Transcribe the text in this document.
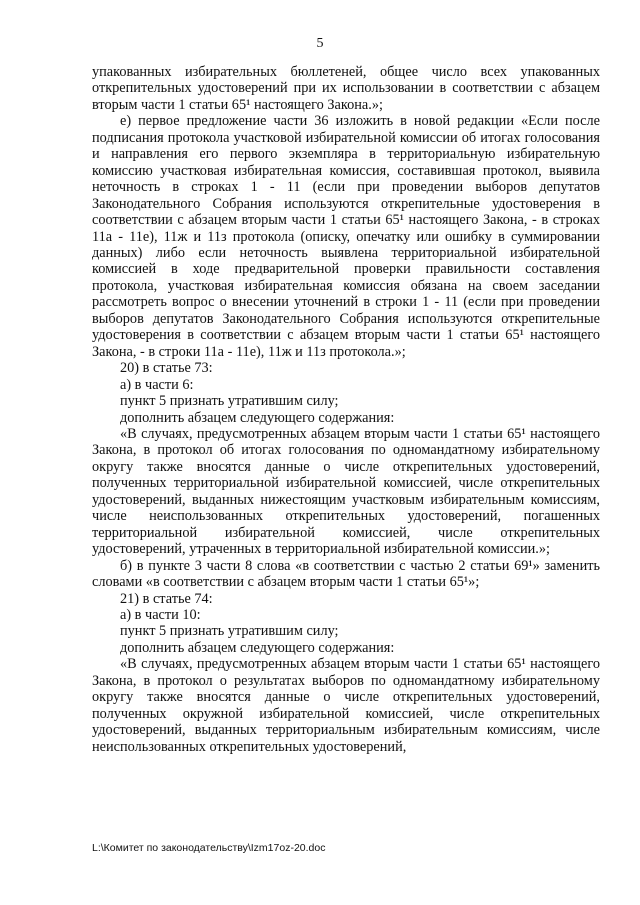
5

упакованных избирательных бюллетеней, общее число всех упакованных открепительных удостоверений при их использовании в соответствии с абзацем вторым части 1 статьи 65¹ настоящего Закона.»;

е) первое предложение части 36 изложить в новой редакции «Если после подписания протокола участковой избирательной комиссии об итогах голосования и направления его первого экземпляра в территориальную избирательную комиссию участковая избирательная комиссия, составившая протокол, выявила неточность в строках 1 - 11 (если при проведении выборов депутатов Законодательного Собрания используются открепительные удостоверения в соответствии с абзацем вторым части 1 статьи 65¹ настоящего Закона, - в строках 11а - 11е), 11ж и 11з протокола (описку, опечатку или ошибку в суммировании данных) либо если неточность выявлена территориальной избирательной комиссией в ходе предварительной проверки правильности составления протокола, участковая избирательная комиссия обязана на своем заседании рассмотреть вопрос о внесении уточнений в строки 1 - 11 (если при проведении выборов депутатов Законодательного Собрания используются открепительные удостоверения в соответствии с абзацем вторым части 1 статьи 65¹ настоящего Закона, - в строки 11а - 11е), 11ж и 11з протокола.»;

20) в статье 73:

а) в части 6:

пункт 5 признать утратившим силу;

дополнить абзацем следующего содержания:

«В случаях, предусмотренных абзацем вторым части 1 статьи 65¹ настоящего Закона, в протокол об итогах голосования по одномандатному избирательному округу также вносятся данные о числе открепительных удостоверений, полученных территориальной избирательной комиссией, числе открепительных удостоверений, выданных нижестоящим участковым избирательным комиссиям, числе неиспользованных открепительных удостоверений, погашенных территориальной избирательной комиссией, числе открепительных удостоверений, утраченных в территориальной избирательной комиссии.»;

б) в пункте 3 части 8 слова «в соответствии с частью 2 статьи 69¹» заменить словами «в соответствии с абзацем вторым части 1 статьи 65¹»;

21) в статье 74:

а) в части 10:

пункт 5 признать утратившим силу;

дополнить абзацем следующего содержания:

«В случаях, предусмотренных абзацем вторым части 1 статьи 65¹ настоящего Закона, в протокол о результатах выборов по одномандатному избирательному округу также вносятся данные о числе открепительных удостоверений, полученных окружной избирательной комиссией, числе открепительных удостоверений, выданных территориальным избирательным комиссиям, числе неиспользованных открепительных удостоверений,

L:\Комитет по законодательству\Izm17oz-20.doc
